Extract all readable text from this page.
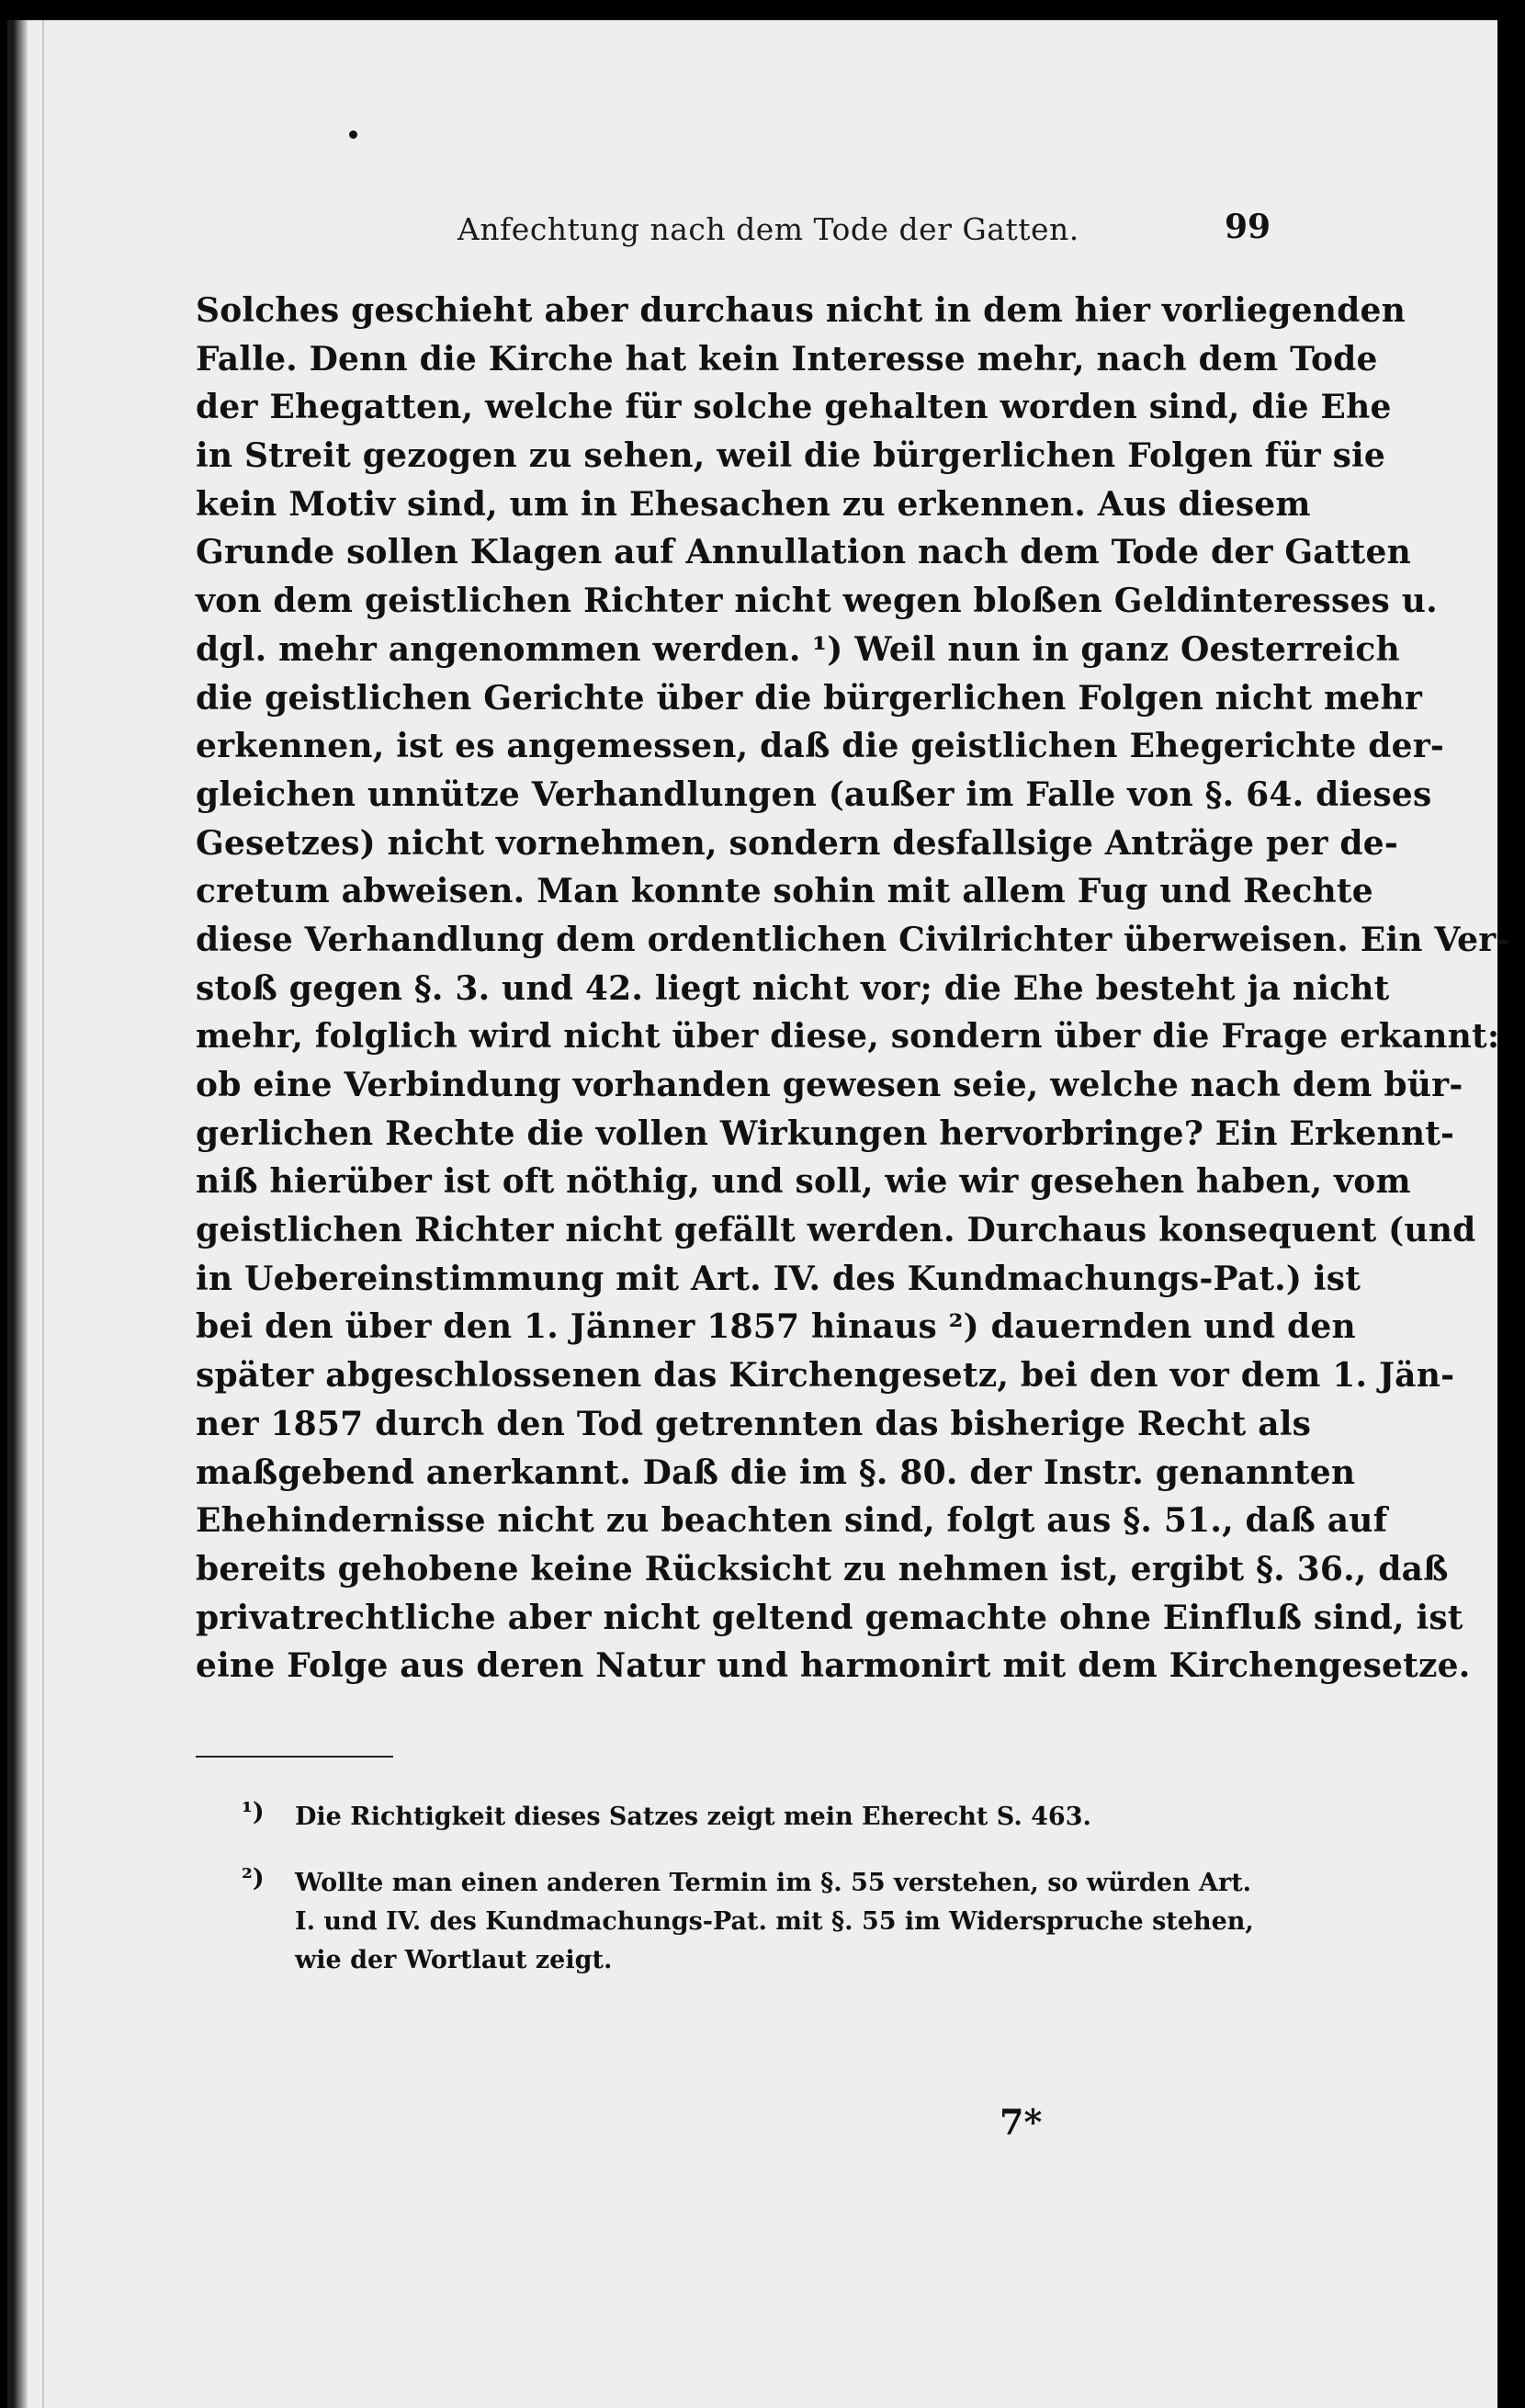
Anfechtung nach dem Tode der Gatten.	99
Solches geschieht aber durchaus nicht in dem hier vorliegenden
Falle. Denn die Kirche hat kein Interesse mehr, nach dem Tode
der Ehegatten, welche für solche gehalten worden sind, die Ehe
in Streit gezogen zu sehen, weil die bürgerlichen Folgen für sie
kein Motiv sind, um in Ehesachen zu erkennen. Aus diesem
Grunde sollen Klagen auf Annullation nach dem Tode der Gatten
von dem geistlichen Richter nicht wegen bloßen Geldinteresses u.
dgl. mehr angenommen werden. ¹) Weil nun in ganz Oesterreich
die geistlichen Gerichte über die bürgerlichen Folgen nicht mehr
erkennen, ist es angemessen, daß die geistlichen Ehegerichte der-
gleichen unnütze Verhandlungen (außer im Falle von §. 64. dieses
Gesetzes) nicht vornehmen, sondern desfallsige Anträge per de-
cretum abweisen. Man konnte sohin mit allem Fug und Rechte
diese Verhandlung dem ordentlichen Civilrichter überweisen. Ein Ver-
stoß gegen §. 3. und 42. liegt nicht vor; die Ehe besteht ja nicht
mehr, folglich wird nicht über diese, sondern über die Frage erkannt:
ob eine Verbindung vorhanden gewesen seie, welche nach dem bür-
gerlichen Rechte die vollen Wirkungen hervorbringe? Ein Erkennt-
niß hierüber ist oft nöthig, und soll, wie wir gesehen haben, vom
geistlichen Richter nicht gefällt werden. Durchaus konsequent (und
in Uebereinstimmung mit Art. IV. des Kundmachungs-Pat.) ist
bei den über den 1. Jänner 1857 hinaus ²) dauernden und den
später abgeschlossenen das Kirchengesetz, bei den vor dem 1. Jän-
ner 1857 durch den Tod getrennten das bisherige Recht als
maßgebend anerkannt. Daß die im §. 80. der Instr. genannten
Ehehindernisse nicht zu beachten sind, folgt aus §. 51., daß auf
bereits gehobene keine Rücksicht zu nehmen ist, ergibt §. 36., daß
privatrechtliche aber nicht geltend gemachte ohne Einfluß sind, ist
eine Folge aus deren Natur und harmonirt mit dem Kirchengesetze.
¹)	Die Richtigkeit dieses Satzes zeigt mein Eherecht S. 463.
²)	Wollte man einen anderen Termin im §. 55 verstehen, so würden Art.
I. und IV. des Kundmachungs-Pat. mit §. 55 im Widerspruche stehen,
wie der Wortlaut zeigt.
7*
